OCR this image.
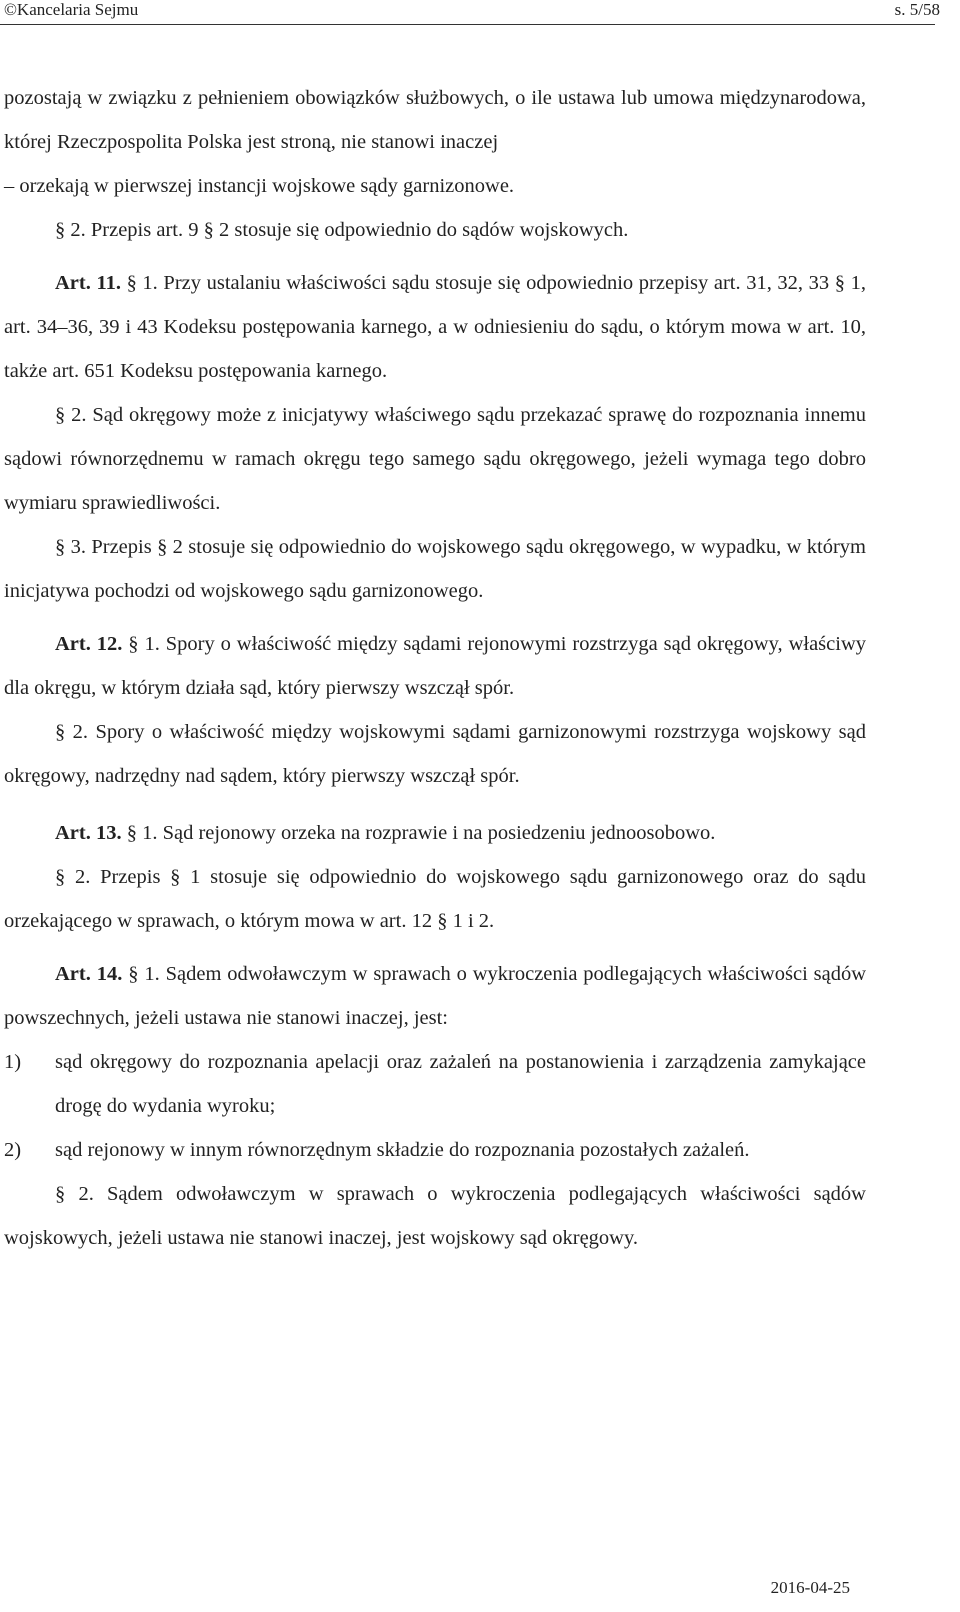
©Kancelaria Sejmu	s. 5/58

pozostają w związku z pełnieniem obowiązków służbowych, o ile ustawa lub umowa międzynarodowa, której Rzeczpospolita Polska jest stroną, nie stanowi inaczej

– orzekają w pierwszej instancji wojskowe sądy garnizonowe.

§ 2. Przepis art. 9 § 2 stosuje się odpowiednio do sądów wojskowych.

Art. 11. § 1. Przy ustalaniu właściwości sądu stosuje się odpowiednio przepisy art. 31, 32, 33 § 1, art. 34–36, 39 i 43 Kodeksu postępowania karnego, a w odniesieniu do sądu, o którym mowa w art. 10, także art. 651 Kodeksu postępowania karnego.

§ 2. Sąd okręgowy może z inicjatywy właściwego sądu przekazać sprawę do rozpoznania innemu sądowi równorzędnemu w ramach okręgu tego samego sądu okręgowego, jeżeli wymaga tego dobro wymiaru sprawiedliwości.

§ 3. Przepis § 2 stosuje się odpowiednio do wojskowego sądu okręgowego, w wypadku, w którym inicjatywa pochodzi od wojskowego sądu garnizonowego.

Art. 12. § 1. Spory o właściwość między sądami rejonowymi rozstrzyga sąd okręgowy, właściwy dla okręgu, w którym działa sąd, który pierwszy wszczął spór.

§ 2. Spory o właściwość między wojskowymi sądami garnizonowymi rozstrzyga wojskowy sąd okręgowy, nadrzędny nad sądem, który pierwszy wszczął spór.

Art. 13. § 1. Sąd rejonowy orzeka na rozprawie i na posiedzeniu jednoosobowo.

§ 2. Przepis § 1 stosuje się odpowiednio do wojskowego sądu garnizonowego oraz do sądu orzekającego w sprawach, o którym mowa w art. 12 § 1 i 2.

Art. 14. § 1. Sądem odwoławczym w sprawach o wykroczenia podlegających właściwości sądów powszechnych, jeżeli ustawa nie stanowi inaczej, jest:

1)	sąd okręgowy do rozpoznania apelacji oraz zażaleń na postanowienia i zarządzenia zamykające drogę do wydania wyroku;
2)	sąd rejonowy w innym równorzędnym składzie do rozpoznania pozostałych zażaleń.

§ 2. Sądem odwoławczym w sprawach o wykroczenia podlegających właściwości sądów wojskowych, jeżeli ustawa nie stanowi inaczej, jest wojskowy sąd okręgowy.

2016-04-25
